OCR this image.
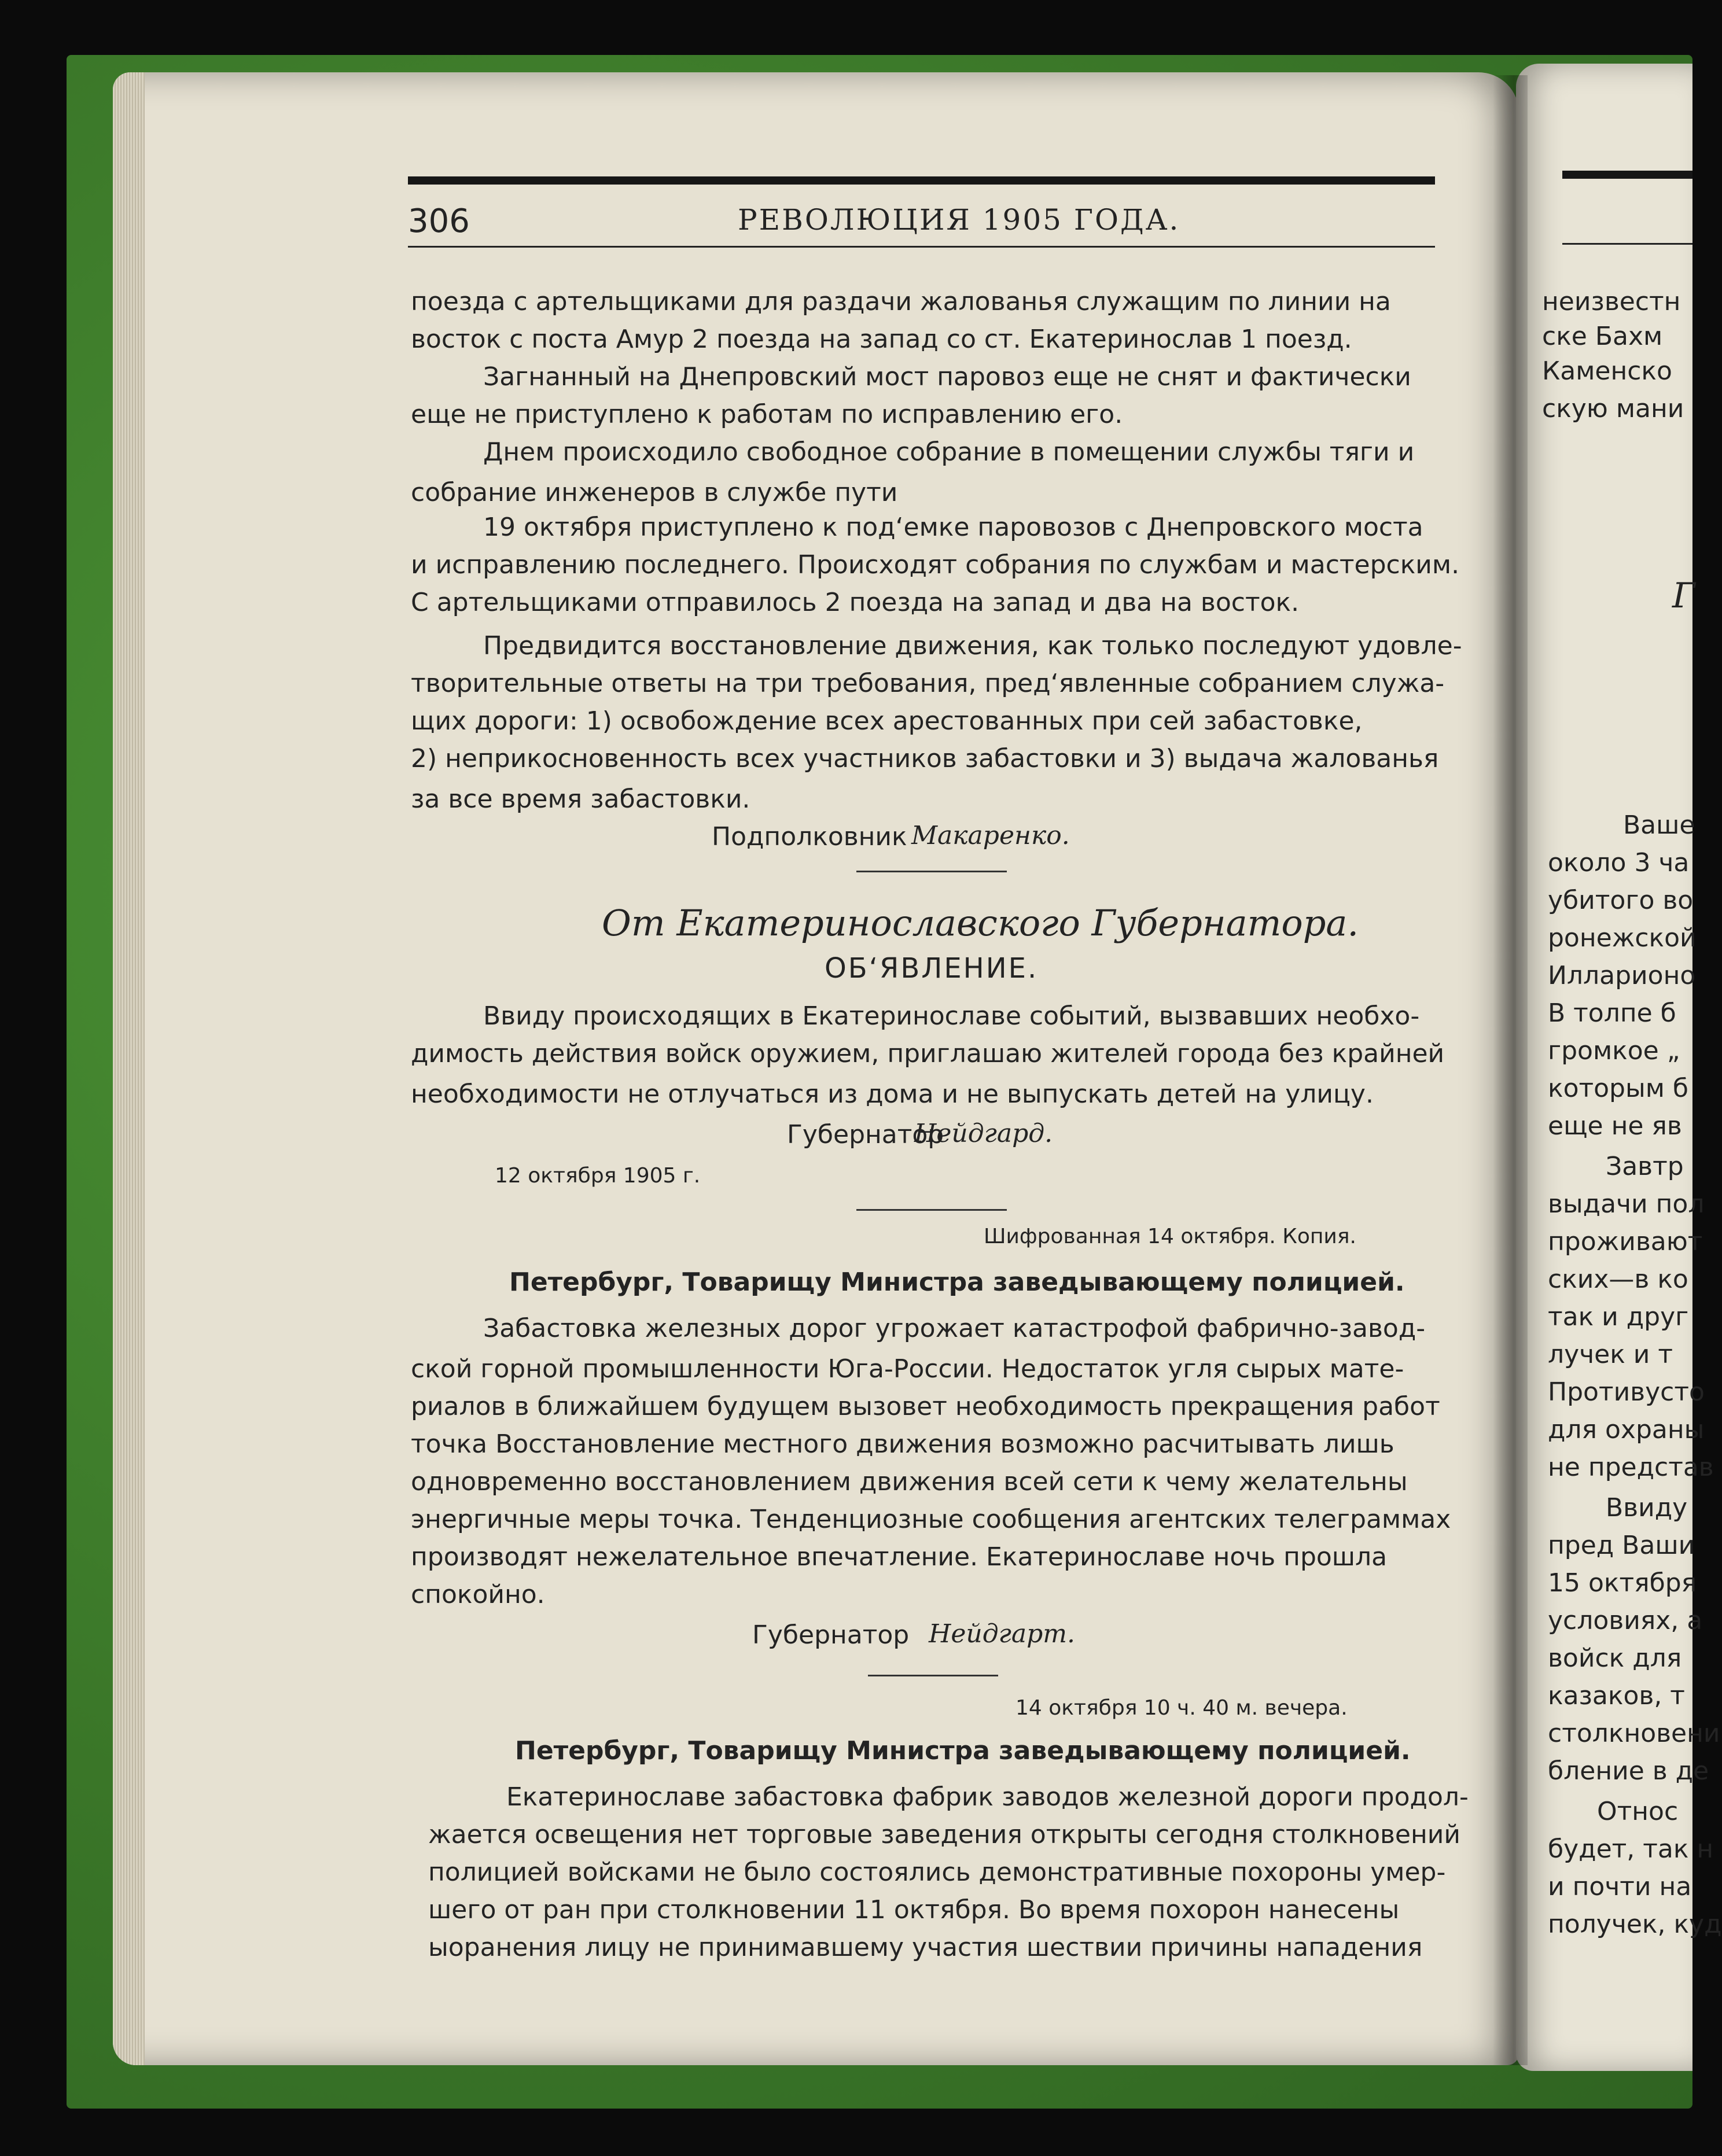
306	РЕВОЛЮЦИЯ 1905 ГОДА.
поезда с артельщиками для раздачи жалованья служащим по линии на
восток с поста Амур 2 поезда на запад со ст. Екатеринослав 1 поезд.
Загнанный на Днепровский мост паровоз еще не снят и фактически
еще не приступлено к работам по исправлению его.
Днем происходило свободное собрание в помещении службы тяги и
собрание инженеров в службе пути
19 октября приступлено к под‘емке паровозов с Днепровского моста
и исправлению последнего. Происходят собрания по службам и мастерским.
С артельщиками отправилось 2 поезда на запад и два на восток.
Предвидится восстановление движения, как только последуют удовле-
творительные ответы на три требования, пред‘явленные собранием служа-
щих дороги: 1) освобождение всех арестованных при сей забастовке,
2) неприкосновенность всех участников забастовки и 3) выдача жалованья
за все время забастовки.
Подполковник Макаренко.
От Екатеринославского Губернатора.
ОБ‘ЯВЛЕНИЕ.
Ввиду происходящих в Екатеринославе событий, вызвавших необхо-
димость действия войск оружием, приглашаю жителей города без крайней
необходимости не отлучаться из дома и не выпускать детей на улицу.
Губернатор
Нейдгард.
12 октября 1905 г.
Шифрованная 14 октября. Копия.
Петербург, Товарищу Министра заведывающему полицией.
Забастовка железных дорог угрожает катастрофой фабрично-завод-
ской горной промышленности Юга-России. Недостаток угля сырых мате-
риалов в ближайшем будущем вызовет необходимость прекращения работ
точка Восстановление местного движения возможно расчитывать лишь
одновременно восстановлением движения всей сети к чему желательны
энергичные меры точка. Тенденциозные сообщения агентских телеграммах
производят нежелательное впечатление. Екатеринославе ночь прошла
спокойно.
Губернатор Нейдгарт.
14 октября 10 ч. 40 м. вечера.
Петербург, Товарищу Министра заведывающему полицией.
Екатеринославе забастовка фабрик заводов железной дороги продол-
жается освещения нет торговые заведения открыты сегодня столкновений
полицией войсками не было состоялись демонстративные похороны умер-
шего от ран при столкновении 11 октября. Во время похорон нанесены
ыоранения лицу не принимавшему участия шествии причины нападения
неизвестн
ске Бахм
Каменско
скую мани
Г
Ваше
около 3 ча
убитого во
ронежской
Илларионо
В толпе б
громкое „
которым б
еще не яв
Завтр
выдачи пол
проживают
ских—в ко
так и друг
лучек и т
Противусто
для охраны
не представ
Ввиду
пред Ваши
15 октября
условиях, а
войск для
казаков, т
столкновени
бление в де
Относ
будет, так н
и почти на
получек, куд
